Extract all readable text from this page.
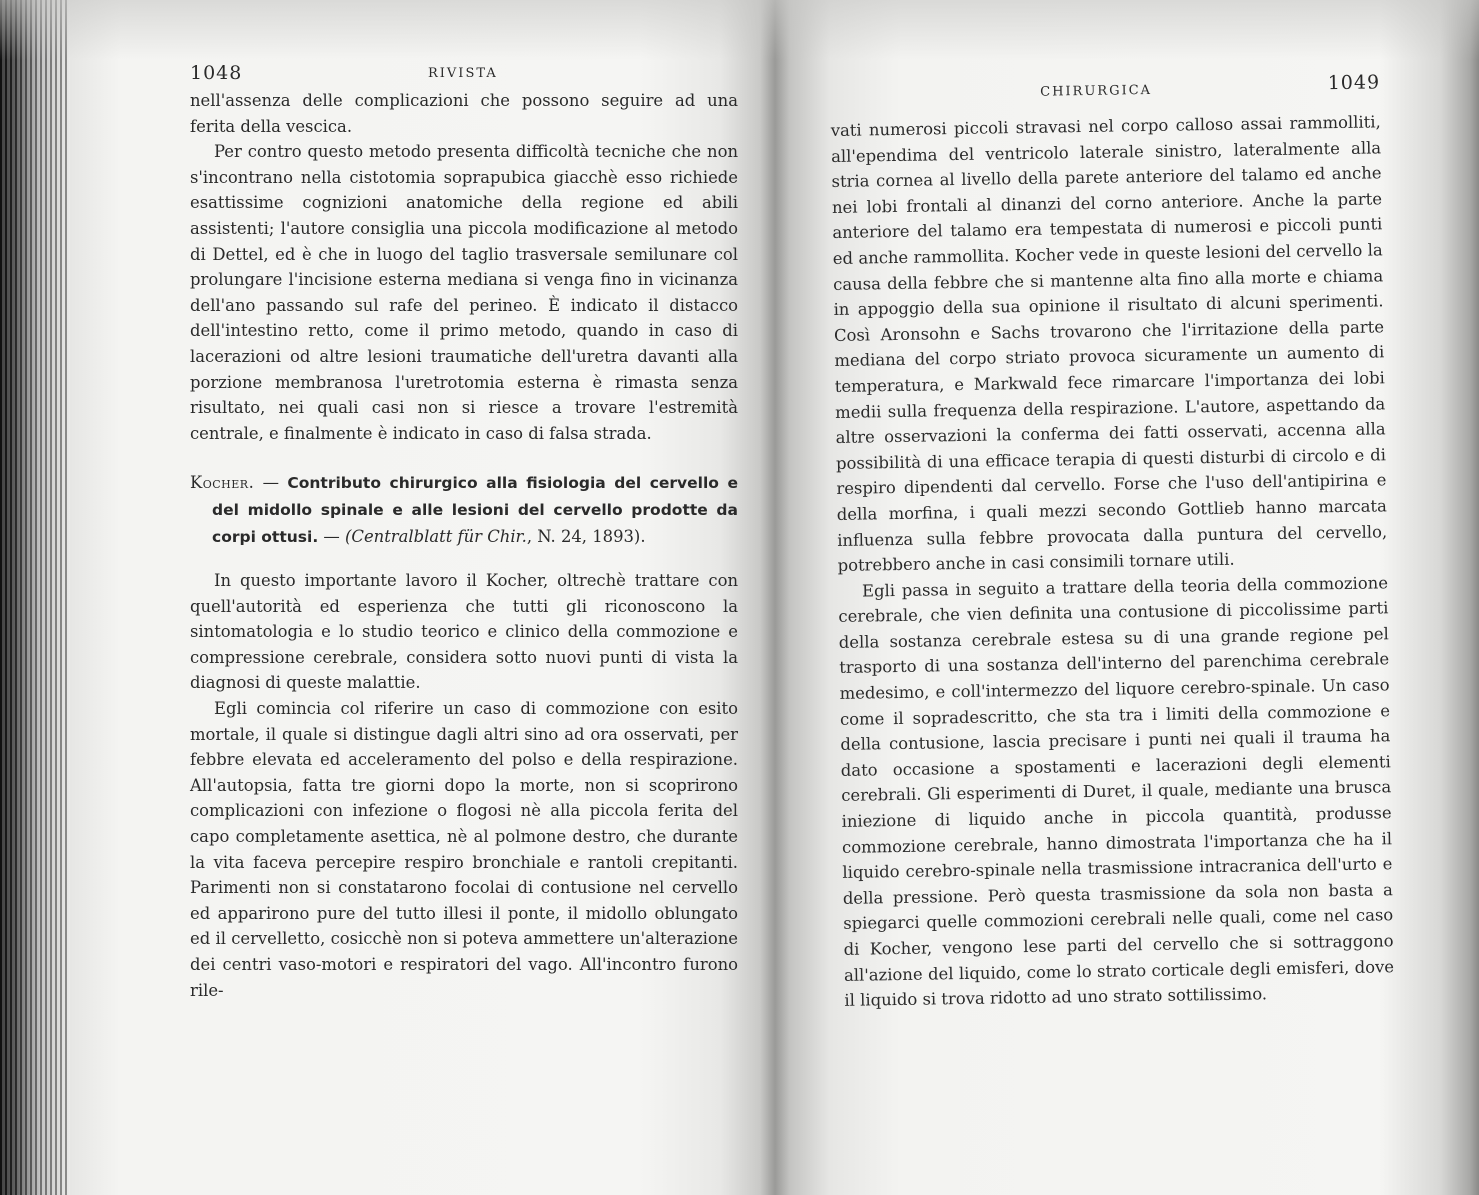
1048	RIVISTA

nell'assenza delle complicazioni che possono seguire ad una ferita della vescica.

Per contro questo metodo presenta difficoltà tecniche che non s'incontrano nella cistotomia soprapubica giacchè esso richiede esattissime cognizioni anatomiche della regione ed abili assistenti; l'autore consiglia una piccola modificazione al metodo di Dettel, ed è che in luogo del taglio trasversale semilunare col prolungare l'incisione esterna mediana si venga fino in vicinanza dell'ano passando sul rafe del perineo. È indicato il distacco dell'intestino retto, come il primo metodo, quando in caso di lacerazioni od altre lesioni traumatiche dell'uretra davanti alla porzione membranosa l'uretrotomia esterna è rimasta senza risultato, nei quali casi non si riesce a trovare l'estremità centrale, e finalmente è indicato in caso di falsa strada.

Kocher. — Contributo chirurgico alla fisiologia del cervello e del midollo spinale e alle lesioni del cervello prodotte da corpi ottusi. — (Centralblatt für Chir., N. 24, 1893).

In questo importante lavoro il Kocher, oltrechè trattare con quell'autorità ed esperienza che tutti gli riconoscono la sintomatologia e lo studio teorico e clinico della commozione e compressione cerebrale, considera sotto nuovi punti di vista la diagnosi di queste malattie.

Egli comincia col riferire un caso di commozione con esito mortale, il quale si distingue dagli altri sino ad ora osservati, per febbre elevata ed acceleramento del polso e della respirazione. All'autopsia, fatta tre giorni dopo la morte, non si scoprirono complicazioni con infezione o flogosi nè alla piccola ferita del capo completamente asettica, nè al polmone destro, che durante la vita faceva percepire respiro bronchiale e rantoli crepitanti. Parimenti non si constatarono focolai di contusione nel cervello ed apparirono pure del tutto illesi il ponte, il midollo oblungato ed il cervelletto, cosicchè non si poteva ammettere un'alterazione dei centri vaso-motori e respiratori del vago. All'incontro furono rile-

CHIRURGICA	1049

vati numerosi piccoli stravasi nel corpo calloso assai rammolliti, all'ependima del ventricolo laterale sinistro, lateralmente alla stria cornea al livello della parete anteriore del talamo ed anche nei lobi frontali al dinanzi del corno anteriore. Anche la parte anteriore del talamo era tempestata di numerosi e piccoli punti ed anche rammollita. Kocher vede in queste lesioni del cervello la causa della febbre che si mantenne alta fino alla morte e chiama in appoggio della sua opinione il risultato di alcuni sperimenti. Così Aronsohn e Sachs trovarono che l'irritazione della parte mediana del corpo striato provoca sicuramente un aumento di temperatura, e Markwald fece rimarcare l'importanza dei lobi medii sulla frequenza della respirazione. L'autore, aspettando da altre osservazioni la conferma dei fatti osservati, accenna alla possibilità di una efficace terapia di questi disturbi di circolo e di respiro dipendenti dal cervello. Forse che l'uso dell'antipirina e della morfina, i quali mezzi secondo Gottlieb hanno marcata influenza sulla febbre provocata dalla puntura del cervello, potrebbero anche in casi consimili tornare utili.

Egli passa in seguito a trattare della teoria della commozione cerebrale, che vien definita una contusione di piccolissime parti della sostanza cerebrale estesa su di una grande regione pel trasporto di una sostanza dell'interno del parenchima cerebrale medesimo, e coll'intermezzo del liquore cerebro-spinale. Un caso come il sopradescritto, che sta tra i limiti della commozione e della contusione, lascia precisare i punti nei quali il trauma ha dato occasione a spostamenti e lacerazioni degli elementi cerebrali. Gli esperimenti di Duret, il quale, mediante una brusca iniezione di liquido anche in piccola quantità, produsse commozione cerebrale, hanno dimostrata l'importanza che ha il liquido cerebro-spinale nella trasmissione intracranica dell'urto e della pressione. Però questa trasmissione da sola non basta a spiegarci quelle commozioni cerebrali nelle quali, come nel caso di Kocher, vengono lese parti del cervello che si sottraggono all'azione del liquido, come lo strato corticale degli emisferi, dove il liquido si trova ridotto ad uno strato sottilissimo.
